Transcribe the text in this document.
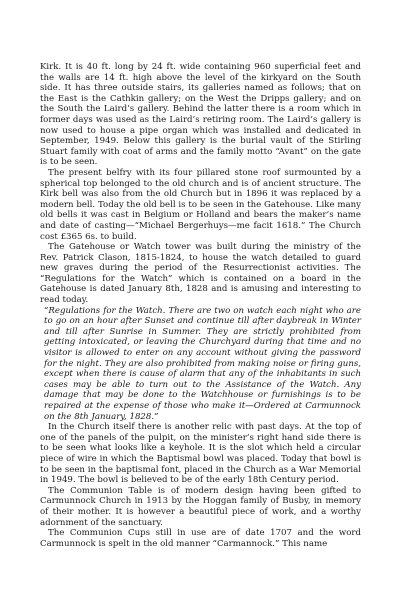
Kirk. It is 40 ft. long by 24 ft. wide containing 960 superficial feet and the walls are 14 ft. high above the level of the kirkyard on the South side. It has three outside stairs, its galleries named as follows; that on the East is the Cathkin gallery; on the West the Dripps gallery; and on the South the Laird’s gallery. Behind the latter there is a room which in former days was used as the Laird’s retiring room. The Laird’s gallery is now used to house a pipe organ which was installed and dedicated in September, 1949. Below this gallery is the burial vault of the Stirling Stuart family with coat of arms and the family motto “Avant” on the gate is to be seen.

The present belfry with its four pillared stone roof surmounted by a spherical top belonged to the old church and is of ancient structure. The Kirk bell was also from the old Church but in 1896 it was replaced by a modern bell. Today the old bell is to be seen in the Gatehouse. Like many old bells it was cast in Belgium or Holland and bears the maker’s name and date of casting—“Michael Bergerhuys—me facit 1618.” The Church cost £365 6s. to build.

The Gatehouse or Watch tower was built during the ministry of the Rev. Patrick Clason, 1815-1824, to house the watch detailed to guard new graves during the period of the Resurrectionist activities. The “Regulations for the Watch” which is contained on a board in the Gatehouse is dated January 8th, 1828 and is amusing and interesting to read today.

“Regulations for the Watch. There are two on watch each night who are to go on an hour after Sunset and continue till after daybreak in Winter and till after Sunrise in Summer. They are strictly prohibited from getting intoxicated, or leaving the Churchyard during that time and no visitor is allowed to enter on any account without giving the password for the night. They are also prohibited from making noise or firing guns, except when there is cause of alarm that any of the inhabitants in such cases may be able to turn out to the Assistance of the Watch. Any damage that may be done to the Watchhouse or furnishings is to be repaired at the expense of those who make it—Ordered at Carmunnock on the 8th January, 1828.”

In the Church itself there is another relic with past days. At the top of one of the panels of the pulpit, on the minister’s right hand side there is to be seen what looks like a keyhole. It is the slot which held a circular piece of wire in which the Baptismal bowl was placed. Today that bowl is to be seen in the baptismal font, placed in the Church as a War Memorial in 1949. The bowl is believed to be of the early 18th Century period.

The Communion Table is of modern design having been gifted to Carmunnock Church in 1913 by the Hoggan family of Busby, in memory of their mother. It is however a beautiful piece of work, and a worthy adornment of the sanctuary.

The Communion Cups still in use are of date 1707 and the word Carmunnock is spelt in the old manner “Carmannock.” This name
